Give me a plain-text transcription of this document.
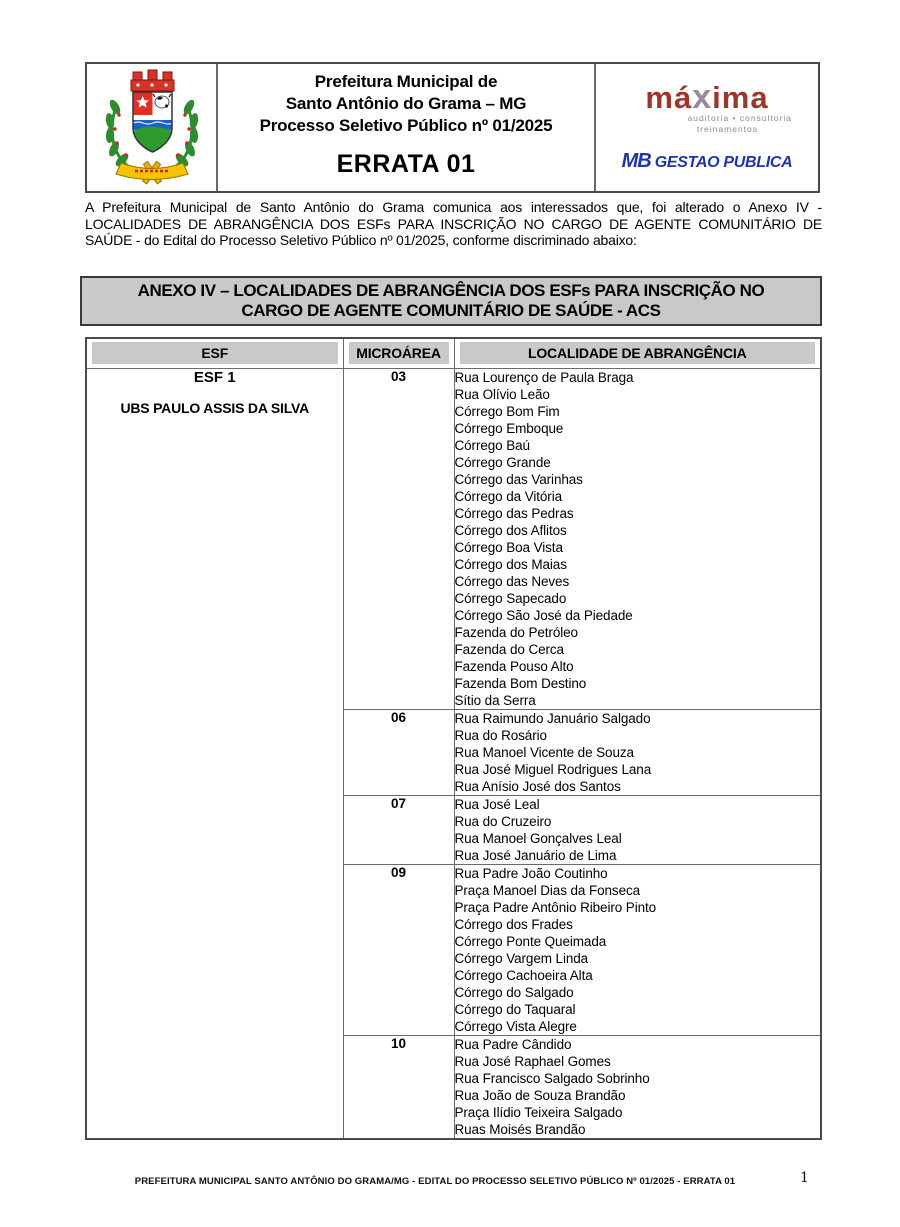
Prefeitura Municipal de
Santo Antônio do Grama – MG
Processo Seletivo Público nº 01/2025
ERRATA 01
máxima
auditoria • consultoria
treinamentos
MB GESTAO PUBLICA
A Prefeitura Municipal de Santo Antônio do Grama comunica aos interessados que, foi alterado o Anexo IV - LOCALIDADES DE ABRANGÊNCIA DOS ESFs PARA INSCRIÇÃO NO CARGO DE AGENTE COMUNITÁRIO DE SAÚDE - do Edital do Processo Seletivo Público nº 01/2025, conforme discriminado abaixo:
ANEXO IV – LOCALIDADES DE ABRANGÊNCIA DOS ESFs PARA INSCRIÇÃO NO
CARGO DE AGENTE COMUNITÁRIO DE SAÚDE - ACS
ESF	MICROÁREA	LOCALIDADE DE ABRANGÊNCIA

ESF 1
UBS PAULO ASSIS DA SILVA
	03	Rua Lourenço de Paula Braga
Rua Olívio Leão
Córrego Bom Fim
Córrego Emboque
Córrego Baú
Córrego Grande
Córrego das Varinhas
Córrego da Vitória
Córrego das Pedras
Córrego dos Aflitos
Córrego Boa Vista
Córrego dos Maias
Córrego das Neves
Córrego Sapecado
Córrego São José da Piedade
Fazenda do Petróleo
Fazenda do Cerca
Fazenda Pouso Alto
Fazenda Bom Destino
Sítio da Serra

	06	Rua Raimundo Januário Salgado
Rua do Rosário
Rua Manoel Vicente de Souza
Rua José Miguel Rodrigues Lana
Rua Anísio José dos Santos

	07	Rua José Leal
Rua do Cruzeiro
Rua Manoel Gonçalves Leal
Rua José Januário de Lima

09	Rua Padre João Coutinho
Praça Manoel Dias da Fonseca
Praça Padre Antônio Ribeiro Pinto
Córrego dos Frades
Córrego Ponte Queimada
Córrego Vargem Linda
Córrego Cachoeira Alta
Córrego do Salgado
Córrego do Taquaral
Córrego Vista Alegre

10	Rua Padre Cândido
Rua José Raphael Gomes
Rua Francisco Salgado Sobrinho
Rua João de Souza Brandão
Praça Ilídio Teixeira Salgado
Ruas Moisés Brandão
PREFEITURA MUNICIPAL SANTO ANTÔNIO DO GRAMA/MG - EDITAL DO PROCESSO SELETIVO PÚBLICO Nº 01/2025 - ERRATA 01	1
